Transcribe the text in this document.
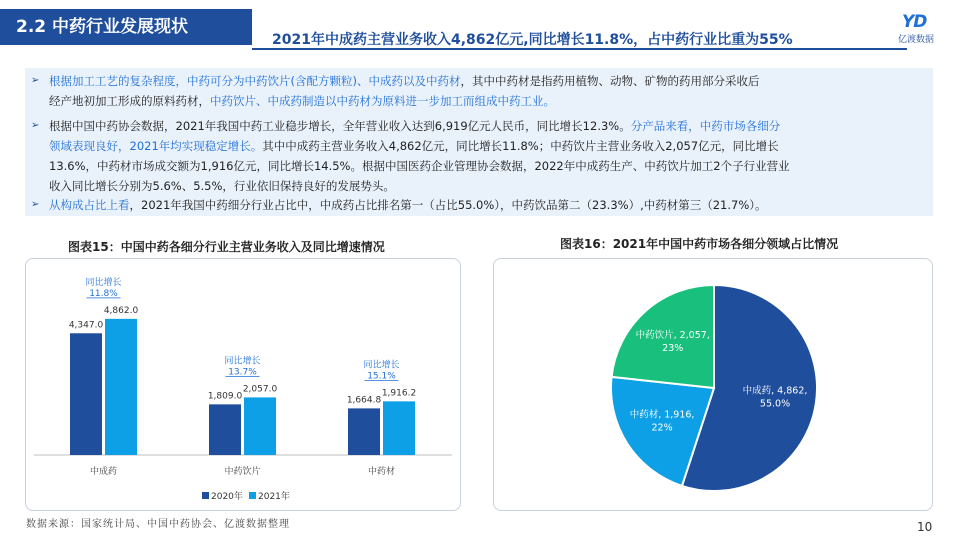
2.2 中药行业发展现状
2021年中成药主营业务收入4,862亿元,同比增长11.8%，占中药行业比重为55%
YD
亿渡数据
➢ 根据加工工艺的复杂程度，中药可分为中药饮片(含配方颗粒)、中成药以及中药材，其中中药材是指药用植物、动物、矿物的药用部分采收后
经产地初加工形成的原料药材，中药饮片、中成药制造以中药材为原料进一步加工而组成中药工业。
➢ 根据中国中药协会数据，2021年我国中药工业稳步增长，全年营业收入达到6,919亿元人民币，同比增长12.3%。分产品来看，中药市场各细分
领域表现良好，2021年均实现稳定增长。其中中成药主营业务收入4,862亿元，同比增长11.8%；中药饮片主营业务收入2,057亿元，同比增长
13.6%，中药材市场成交额为1,916亿元，同比增长14.5%。根据中国医药企业管理协会数据，2022年中成药生产、中药饮片加工2个子行业营业
收入同比增长分别为5.6%、5.5%，行业依旧保持良好的发展势头。
➢ 从构成占比上看，2021年我国中药细分行业占比中，中成药占比排名第一（占比55.0%），中药饮品第二（23.3%）,中药材第三（21.7%）。
图表15：中国中药各细分行业主营业务收入及同比增速情况	图表16：2021年中国中药市场各细分领域占比情况
4,347.0
4,862.0
同比增长
11.8%
中成药
1,809.0
2,057.0
同比增长
13.7%
中药饮片
1,664.8
1,916.2
同比增长
15.1%
中药材
2020年 2021年
中成药, 4,862,
55.0%
中药材, 1,916,
22%
中药饮片, 2,057,
23%
数据来源：国家统计局、中国中药协会、亿渡数据整理	10
